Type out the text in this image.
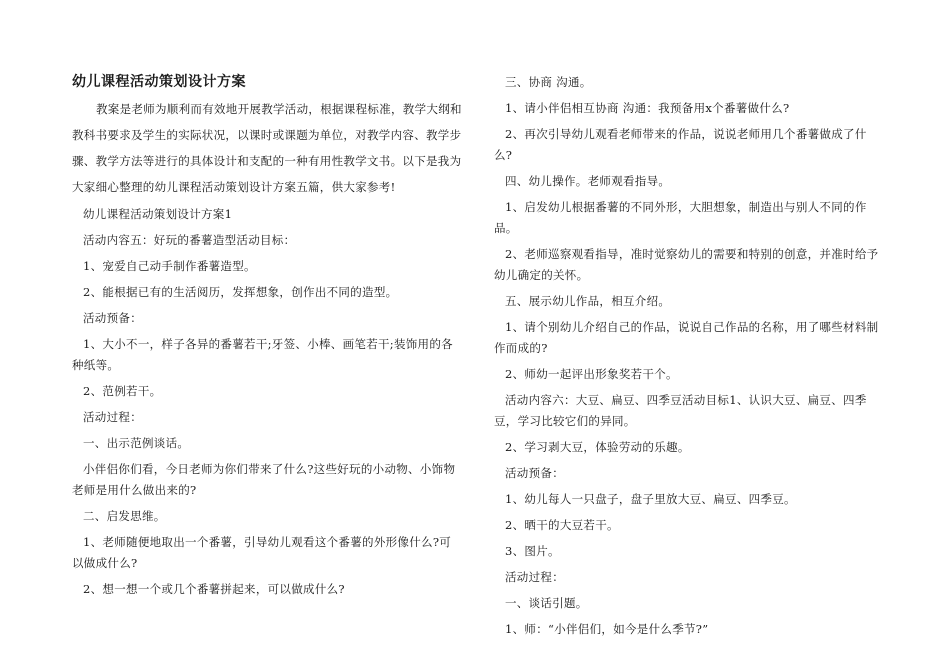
幼儿课程活动策划设计方案

教案是老师为顺利而有效地开展教学活动，根据课程标准，教学大纲和教科书要求及学生的实际状况，以课时或课题为单位，对教学内容、教学步骤、教学方法等进行的具体设计和支配的一种有用性教学文书。以下是我为大家细心整理的幼儿课程活动策划设计方案五篇，供大家参考!

幼儿课程活动策划设计方案1

活动内容五：好玩的番薯造型活动目标：

1、宠爱自己动手制作番薯造型。

2、能根据已有的生活阅历，发挥想象，创作出不同的造型。

活动预备：

1、大小不一，样子各异的番薯若干;牙签、小棒、画笔若干;装饰用的各种纸等。

2、范例若干。

活动过程：

一、出示范例谈话。

小伴侣你们看，今日老师为你们带来了什么?这些好玩的小动物、小饰物老师是用什么做出来的?

二、启发思维。

1、老师随便地取出一个番薯，引导幼儿观看这个番薯的外形像什么?可以做成什么?

2、想一想一个或几个番薯拼起来，可以做成什么?

三、协商 沟通。

1、请小伴侣相互协商 沟通：我预备用x个番薯做什么?

2、再次引导幼儿观看老师带来的作品，说说老师用几个番薯做成了什么?

四、幼儿操作。老师观看指导。

1、启发幼儿根据番薯的不同外形，大胆想象，制造出与别人不同的作品。

2、老师巡察观看指导，准时觉察幼儿的需要和特别的创意，并准时给予幼儿确定的关怀。

五、展示幼儿作品，相互介绍。

1、请个别幼儿介绍自己的作品，说说自己作品的名称，用了哪些材料制作而成的?

2、师幼一起评出形象奖若干个。

活动内容六：大豆、扁豆、四季豆活动目标1、认识大豆、扁豆、四季豆，学习比较它们的异同。

2、学习剥大豆，体验劳动的乐趣。

活动预备：

1、幼儿每人一只盘子，盘子里放大豆、扁豆、四季豆。

2、晒干的大豆若干。

3、图片。

活动过程：

一、谈话引题。

1、师：“小伴侣们，如今是什么季节?”
